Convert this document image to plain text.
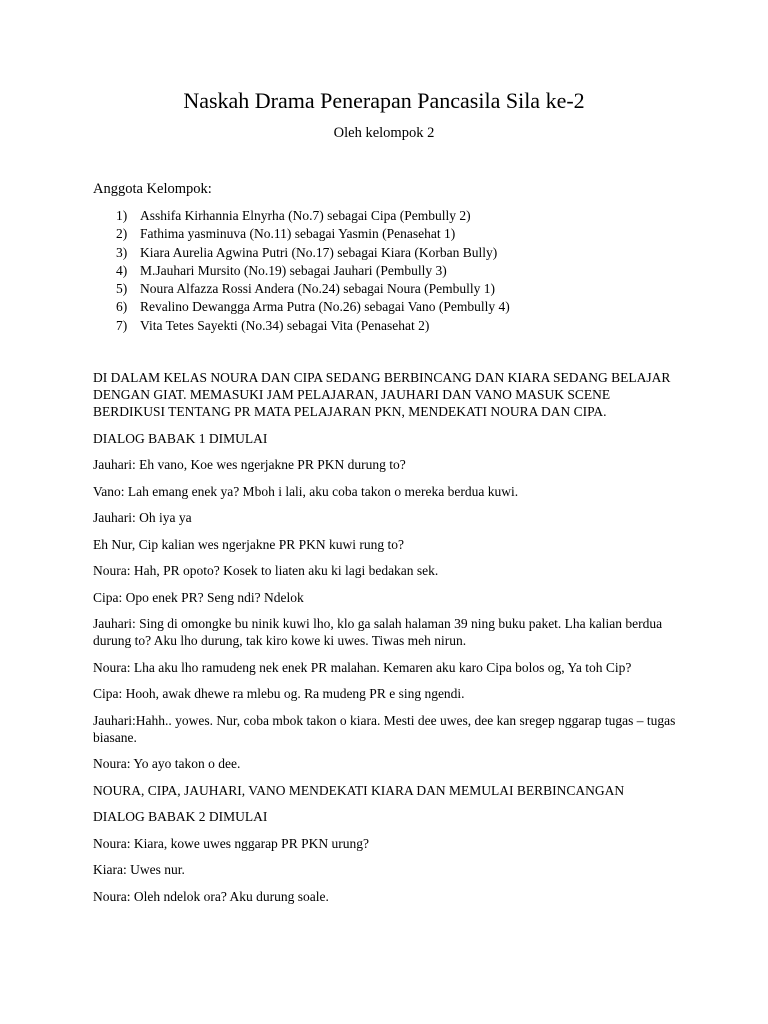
Naskah Drama Penerapan Pancasila Sila ke-2
Oleh kelompok 2
Anggota Kelompok:
1) Asshifa Kirhannia Elnyrha (No.7) sebagai Cipa (Pembully 2)
2) Fathima yasminuva (No.11) sebagai Yasmin (Penasehat 1)
3) Kiara Aurelia Agwina Putri (No.17) sebagai Kiara (Korban Bully)
4) M.Jauhari Mursito (No.19) sebagai Jauhari (Pembully 3)
5) Noura Alfazza Rossi Andera (No.24) sebagai Noura (Pembully 1)
6) Revalino Dewangga Arma Putra (No.26) sebagai Vano (Pembully 4)
7) Vita Tetes Sayekti (No.34) sebagai Vita (Penasehat 2)

DI DALAM KELAS NOURA DAN CIPA SEDANG BERBINCANG DAN KIARA SEDANG BELAJAR DENGAN GIAT. MEMASUKI JAM PELAJARAN, JAUHARI DAN VANO MASUK SCENE BERDIKUSI TENTANG PR MATA PELAJARAN PKN, MENDEKATI NOURA DAN CIPA.

DIALOG BABAK 1 DIMULAI

Jauhari: Eh vano, Koe wes ngerjakne PR PKN durung to?

Vano: Lah emang enek ya? Mboh i lali, aku coba takon o mereka berdua kuwi.

Jauhari: Oh iya ya

Eh Nur, Cip kalian wes ngerjakne PR PKN kuwi rung to?

Noura: Hah, PR opoto? Kosek to liaten aku ki lagi bedakan sek.

Cipa: Opo enek PR? Seng ndi? Ndelok

Jauhari: Sing di omongke bu ninik kuwi lho, klo ga salah halaman 39 ning buku paket. Lha kalian berdua durung to? Aku lho durung, tak kiro kowe ki uwes. Tiwas meh nirun.

Noura: Lha aku lho ramudeng nek enek PR malahan. Kemaren aku karo Cipa bolos og, Ya toh Cip?

Cipa: Hooh, awak dhewe ra mlebu og. Ra mudeng PR e sing ngendi.

Jauhari:Hahh.. yowes. Nur, coba mbok takon o kiara. Mesti dee uwes, dee kan sregep nggarap tugas – tugas biasane.

Noura: Yo ayo takon o dee.

NOURA, CIPA, JAUHARI, VANO MENDEKATI KIARA DAN MEMULAI BERBINCANGAN

DIALOG BABAK 2 DIMULAI

Noura: Kiara, kowe uwes nggarap PR PKN urung?

Kiara: Uwes nur.

Noura: Oleh ndelok ora? Aku durung soale.
